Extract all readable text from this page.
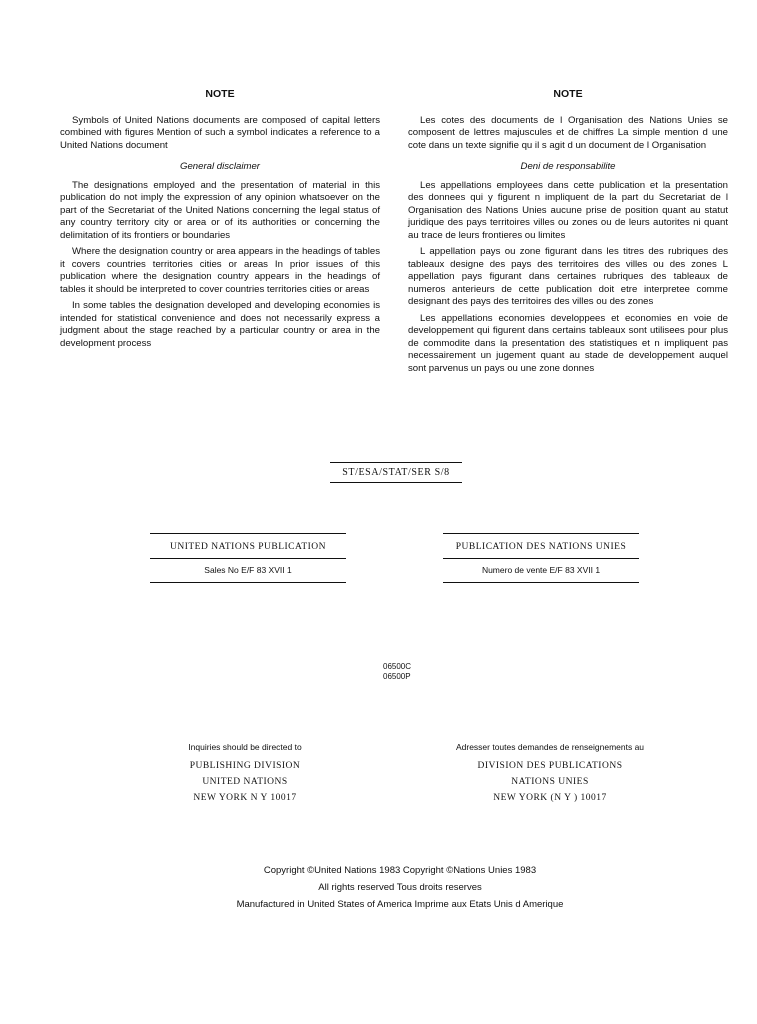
NOTE

Symbols of United Nations documents are composed of capital letters combined with figures Mention of such a symbol indicates a reference to a United Nations document

General disclaimer

The designations employed and the presentation of material in this publication do not imply the expression of any opinion whatsoever on the part of the Secretariat of the United Nations concerning the legal status of any country territory city or area or of its authorities or concerning the delimitation of its frontiers or boundaries

Where the designation country or area appears in the headings of tables it covers countries territories cities or areas In prior issues of this publication where the designation country appears in the headings of tables it should be interpreted to cover countries territories cities or areas

In some tables the designation developed and developing economies is intended for statistical convenience and does not necessarily express a judgment about the stage reached by a particular country or area in the development process

NOTE

Les cotes des documents de l Organisation des Nations Unies se composent de lettres majuscules et de chiffres La simple mention d une cote dans un texte signifie qu il s agit d un document de l Organisation

Deni de responsabilite

Les appellations employees dans cette publication et la presentation des donnees qui y figurent n impliquent de la part du Secretariat de l Organisation des Nations Unies aucune prise de position quant au statut juridique des pays territoires villes ou zones ou de leurs autorites ni quant au trace de leurs frontieres ou limites

L appellation pays ou zone figurant dans les titres des rubriques des tableaux designe des pays des territoires des villes ou des zones L appellation pays figurant dans certaines rubriques des tableaux de numeros anterieurs de cette publication doit etre interpretee comme designant des pays des territoires des villes ou des zones

Les appellations economies developpees et economies en voie de developpement qui figurent dans certains tableaux sont utilisees pour plus de commodite dans la presentation des statistiques et n impliquent pas necessairement un jugement quant au stade de developpement auquel sont parvenus un pays ou une zone donnes

ST/ESA/STAT/SER S/8
UNITED NATIONS PUBLICATION
Sales No E/F 83 XVII 1
PUBLICATION DES NATIONS UNIES
Numero de vente E/F 83 XVII 1
06500C
06500P
Inquiries should be directed to
PUBLISHING DIVISION
UNITED NATIONS
NEW YORK N Y 10017
Adresser toutes demandes de renseignements au
DIVISION DES PUBLICATIONS
NATIONS UNIES
NEW YORK (N Y ) 10017
Copyright ©United Nations 1983 Copyright ©Nations Unies 1983
All rights reserved Tous droits reserves
Manufactured in United States of America Imprime aux Etats Unis d Amerique
